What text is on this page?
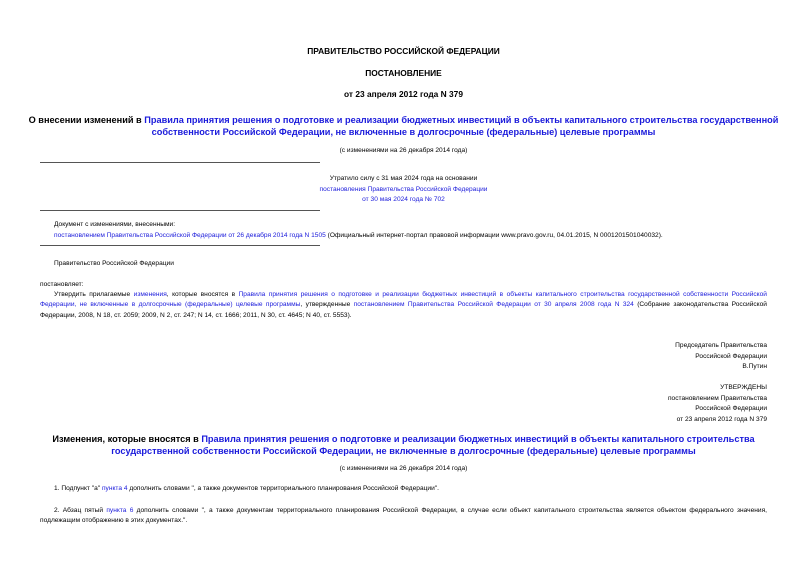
ПРАВИТЕЛЬСТВО РОССИЙСКОЙ ФЕДЕРАЦИИ
ПОСТАНОВЛЕНИЕ
от 23 апреля 2012 года N 379
О внесении изменений в Правила принятия решения о подготовке и реализации бюджетных инвестиций в объекты капитального строительства государственной
собственности Российской Федерации, не включенные в долгосрочные (федеральные) целевые программы
(с изменениями на 26 декабря 2014 года)
Утратило силу с 31 мая 2024 года на основании
постановления Правительства Российской Федерации
от 30 мая 2024 года № 702
Документ с изменениями, внесенными:
постановлением Правительства Российской Федерации от 26 декабря 2014 года N 1505 (Официальный интернет-портал правовой информации www.pravo.gov.ru, 04.01.2015, N 0001201501040032).
Правительство Российской Федерации
постановляет:
Утвердить прилагаемые изменения, которые вносятся в Правила принятия решения о подготовке и реализации бюджетных инвестиций в объекты капитального строительства государственной собственности Российской Федерации, не включенные в долгосрочные (федеральные) целевые программы, утвержденные постановлением Правительства Российской Федерации от 30 апреля 2008 года N 324 (Собрание законодательства Российской Федерации, 2008, N 18, ст. 2059; 2009, N 2, ст. 247; N 14, ст. 1666; 2011, N 30, ст. 4645; N 40, ст. 5553).
Председатель Правительства
Российской Федерации
В.Путин
УТВЕРЖДЕНЫ
постановлением Правительства
Российской Федерации
от 23 апреля 2012 года N 379
Изменения, которые вносятся в Правила принятия решения о подготовке и реализации бюджетных инвестиций в объекты капитального строительства
государственной собственности Российской Федерации, не включенные в долгосрочные (федеральные) целевые программы
(с изменениями на 26 декабря 2014 года)
1. Подпункт "а" пункта 4 дополнить словами ", а также документов территориального планирования Российской Федерации".
2. Абзац пятый пункта 6 дополнить словами ", а также документам территориального планирования Российской Федерации, в случае если объект капитального строительства является объектом федерального значения, подлежащим отображению в этих документах.".
